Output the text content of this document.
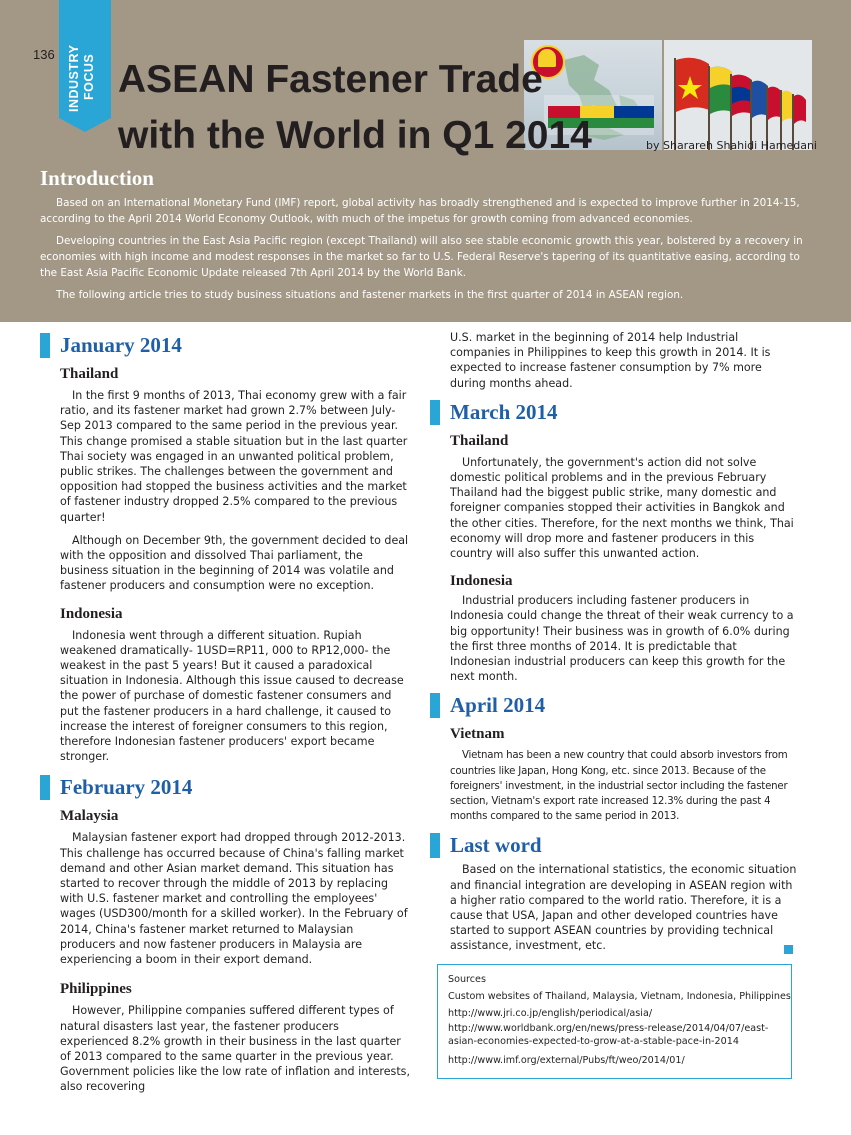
136 INDUSTRY FOCUS ASEAN Fastener Trade
with the World in Q1 2014	by Sharareh Shahidi Hamedani
Introduction

Based on an International Monetary Fund (IMF) report, global activity has broadly strengthened and is expected to improve further in 2014-15, according to the April 2014 World Economy Outlook, with much of the impetus for growth coming from advanced economies.

Developing countries in the East Asia Pacific region (except Thailand) will also see stable economic growth this year, bolstered by a recovery in economies with high income and modest responses in the market so far to U.S. Federal Reserve's tapering of its quantitative easing, according to the East Asia Pacific Economic Update released 7th April 2014 by the World Bank.

The following article tries to study business situations and fastener markets in the first quarter of 2014 in ASEAN region.

January 2014
Thailand

In the first 9 months of 2013, Thai economy grew with a fair ratio, and its fastener market had grown 2.7% between July-Sep 2013 compared to the same period in the previous year. This change promised a stable situation but in the last quarter Thai society was engaged in an unwanted political problem, public strikes. The challenges between the government and opposition had stopped the business activities and the market of fastener industry dropped 2.5% compared to the previous quarter!

Although on December 9th, the government decided to deal with the opposition and dissolved Thai parliament, the business situation in the beginning of 2014 was volatile and fastener producers and consumption were no exception.

Indonesia

Indonesia went through a different situation. Rupiah weakened dramatically- 1USD=RP11, 000 to RP12,000- the weakest in the past 5 years! But it caused a paradoxical situation in Indonesia. Although this issue caused to decrease the power of purchase of domestic fastener consumers and put the fastener producers in a hard challenge, it caused to increase the interest of foreigner consumers to this region, therefore Indonesian fastener producers' export became stronger.

February 2014
Malaysia

Malaysian fastener export had dropped through 2012-2013. This challenge has occurred because of China's falling market demand and other Asian market demand. This situation has started to recover through the middle of 2013 by replacing with U.S. fastener market and controlling the employees' wages (USD300/month for a skilled worker). In the February of 2014, China's fastener market returned to Malaysian producers and now fastener producers in Malaysia are experiencing a boom in their export demand.

Philippines

However, Philippine companies suffered different types of natural disasters last year, the fastener producers experienced 8.2% growth in their business in the last quarter of 2013 compared to the same quarter in the previous year. Government policies like the low rate of inflation and interests, also recovering

U.S. market in the beginning of 2014 help Industrial companies in Philippines to keep this growth in 2014. It is expected to increase fastener consumption by 7% more during months ahead.

March 2014
Thailand

Unfortunately, the government's action did not solve domestic political problems and in the previous February Thailand had the biggest public strike, many domestic and foreigner companies stopped their activities in Bangkok and the other cities. Therefore, for the next months we think, Thai economy will drop more and fastener producers in this country will also suffer this unwanted action.

Indonesia

Industrial producers including fastener producers in Indonesia could change the threat of their weak currency to a big opportunity! Their business was in growth of 6.0% during the first three months of 2014. It is predictable that Indonesian industrial producers can keep this growth for the next month.

April 2014
Vietnam

Vietnam has been a new country that could absorb investors from countries like Japan, Hong Kong, etc. since 2013. Because of the foreigners' investment, in the industrial sector including the fastener section, Vietnam's export rate increased 12.3% during the past 4 months compared to the same period in 2013.

Last word

Based on the international statistics, the economic situation and financial integration are developing in ASEAN region with a higher ratio compared to the world ratio. Therefore, it is a cause that USA, Japan and other developed countries have started to support ASEAN countries by providing technical assistance, investment, etc.

Sources
Custom websites of Thailand, Malaysia, Vietnam, Indonesia, Philippines
http://www.jri.co.jp/english/periodical/asia/
http://www.worldbank.org/en/news/press-release/2014/04/07/east-
asian-economies-expected-to-grow-at-a-stable-pace-in-2014
http://www.imf.org/external/Pubs/ft/weo/2014/01/
